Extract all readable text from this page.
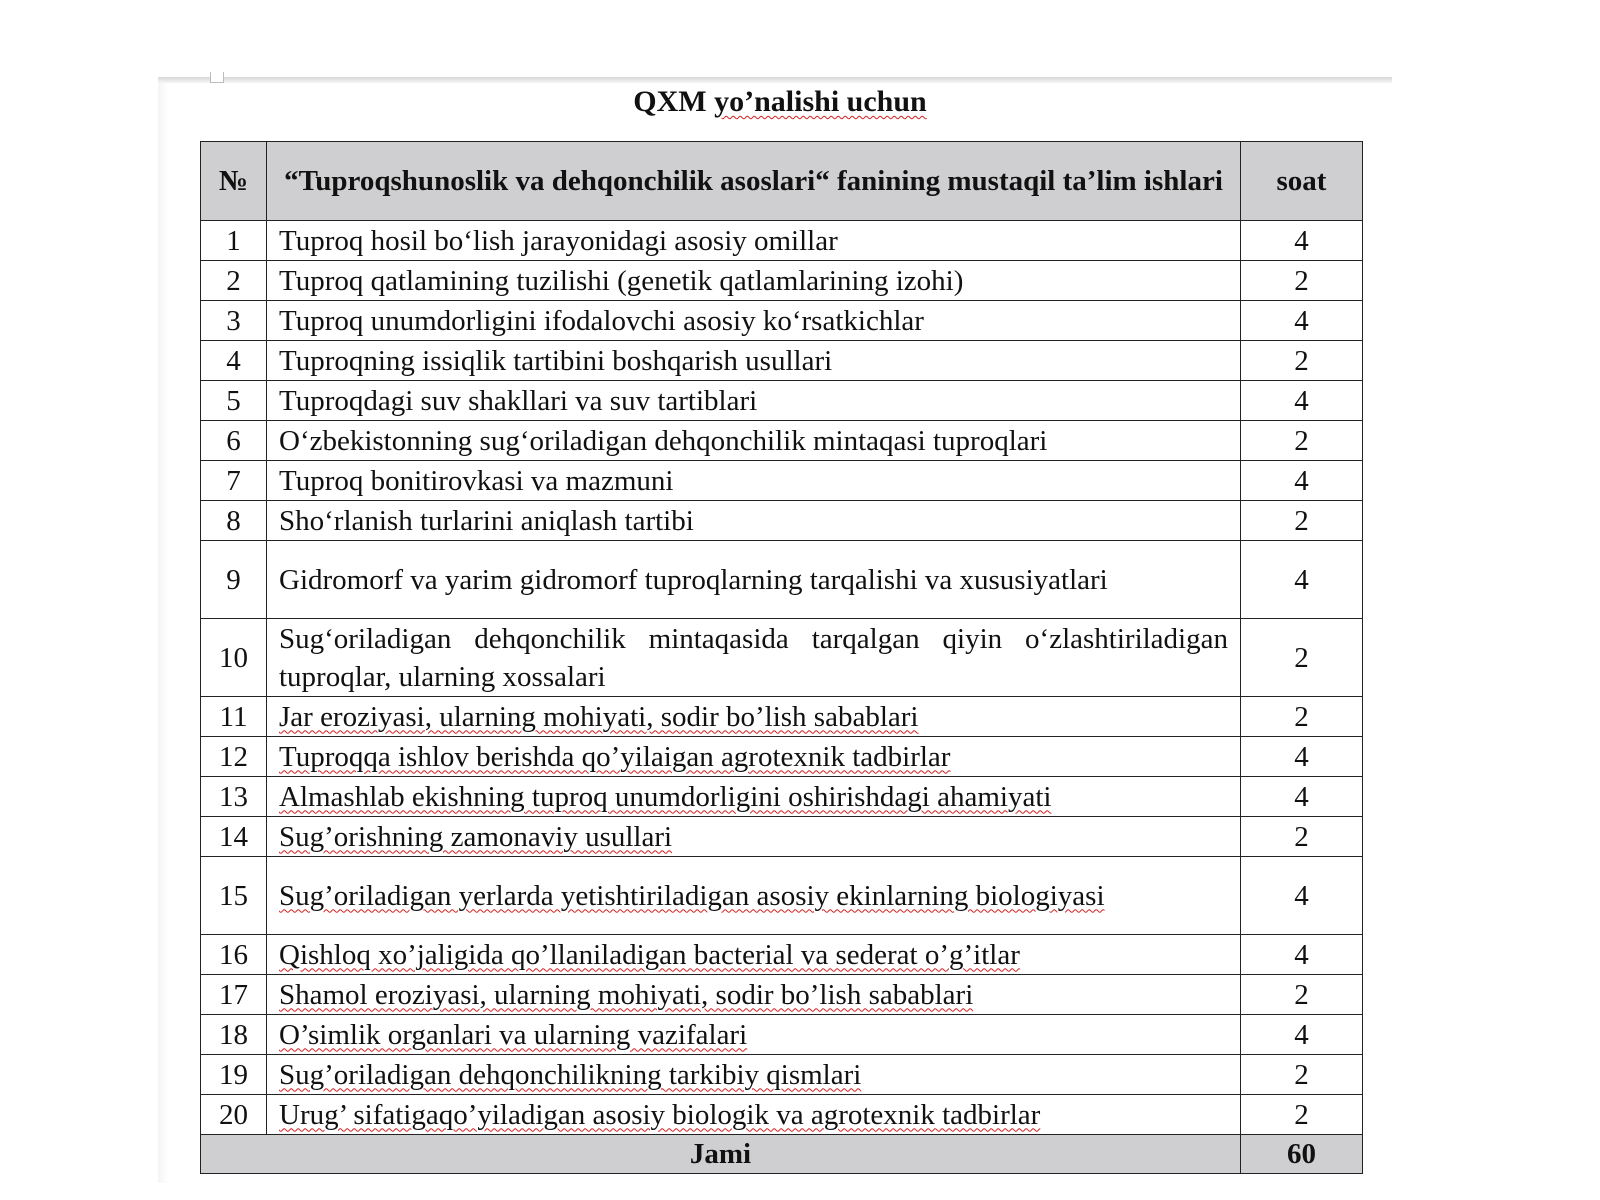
QXM yo’nalishi uchun
№	“Tuproqshunoslik va dehqonchilik asoslari“ fanining mustaqil ta’lim ishlari	soat
1	Tuproq hosil bo‘lish jarayonidagi asosiy omillar	4
2	Tuproq qatlamining tuzilishi (genetik qatlamlarining izohi)	2
3	Tuproq unumdorligini ifodalovchi asosiy ko‘rsatkichlar	4
4	Tuproqning issiqlik tartibini boshqarish usullari	2
5	Tuproqdagi suv shakllari va suv tartiblari	4
6	O‘zbekistonning sug‘oriladigan dehqonchilik mintaqasi tuproqlari	2
7	Tuproq bonitirovkasi va mazmuni	4
8	Sho‘rlanish turlarini aniqlash tartibi	2
9	Gidromorf va yarim gidromorf tuproqlarning tarqalishi va xususiyatlari	4
10	Sug‘oriladigan dehqonchilik mintaqasida tarqalgan qiyin o‘zlashtiriladigan tuproqlar, ularning xossalari	2
11	Jar eroziyasi, ularning mohiyati, sodir bo’lish sabablari	2
12	Tuproqqa ishlov berishda qo’yilaigan agrotexnik tadbirlar	4
13	Almashlab ekishning tuproq unumdorligini oshirishdagi ahamiyati	4
14	Sug’orishning zamonaviy usullari	2
15	Sug’oriladigan yerlarda yetishtiriladigan asosiy ekinlarning biologiyasi	4
16	Qishloq xo’jaligida qo’llaniladigan bacterial va sederat o’g’itlar	4
17	Shamol eroziyasi, ularning mohiyati, sodir bo’lish sabablari	2
18	O’simlik organlari va ularning vazifalari	4
19	Sug’oriladigan dehqonchilikning tarkibiy qismlari	2
20	Urug’ sifatigaqo’yiladigan asosiy biologik va agrotexnik tadbirlar	2
Jami		60
